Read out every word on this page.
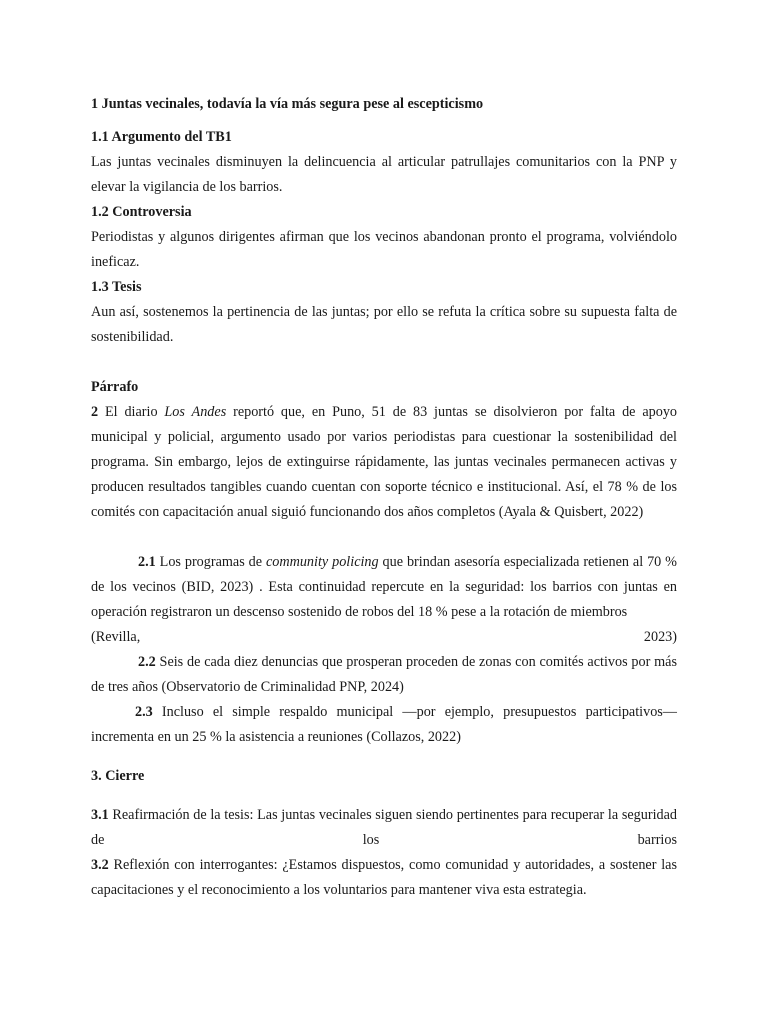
1 Juntas vecinales, todavía la vía más segura pese al escepticismo

1.1 Argumento del TB1

Las juntas vecinales disminuyen la delincuencia al articular patrullajes comunitarios con la PNP y elevar la vigilancia de los barrios.

1.2 Controversia

Periodistas y algunos dirigentes afirman que los vecinos abandonan pronto el programa, volviéndolo ineficaz.

1.3 Tesis

Aun así, sostenemos la pertinencia de las juntas; por ello se refuta la crítica sobre su supuesta falta de sostenibilidad.

Párrafo

2 El diario Los Andes reportó que, en Puno, 51 de 83 juntas se disolvieron por falta de apoyo municipal y policial, argumento usado por varios periodistas para cuestionar la sostenibilidad del programa. Sin embargo, lejos de extinguirse rápidamente, las juntas vecinales permanecen activas y producen resultados tangibles cuando cuentan con soporte técnico e institucional. Así, el 78 % de los comités con capacitación anual siguió funcionando dos años completos (Ayala & Quisbert, 2022)

2.1 Los programas de community policing que brindan asesoría especializada retienen al 70 % de los vecinos (BID, 2023) . Esta continuidad repercute en la seguridad: los barrios con juntas en operación registraron un descenso sostenido de robos del 18 % pese a la rotación de miembros

(Revilla,	2023)

2.2 Seis de cada diez denuncias que prosperan proceden de zonas con comités activos por más de tres años (Observatorio de Criminalidad PNP, 2024)

2.3 Incluso el simple respaldo municipal —por ejemplo, presupuestos participativos— incrementa en un 25 % la asistencia a reuniones (Collazos, 2022)

3. Cierre

3.1 Reafirmación de la tesis: Las juntas vecinales siguen siendo pertinentes para recuperar la seguridad de los barrios

3.2 Reflexión con interrogantes: ¿Estamos dispuestos, como comunidad y autoridades, a sostener las capacitaciones y el reconocimiento a los voluntarios para mantener viva esta estrategia.
